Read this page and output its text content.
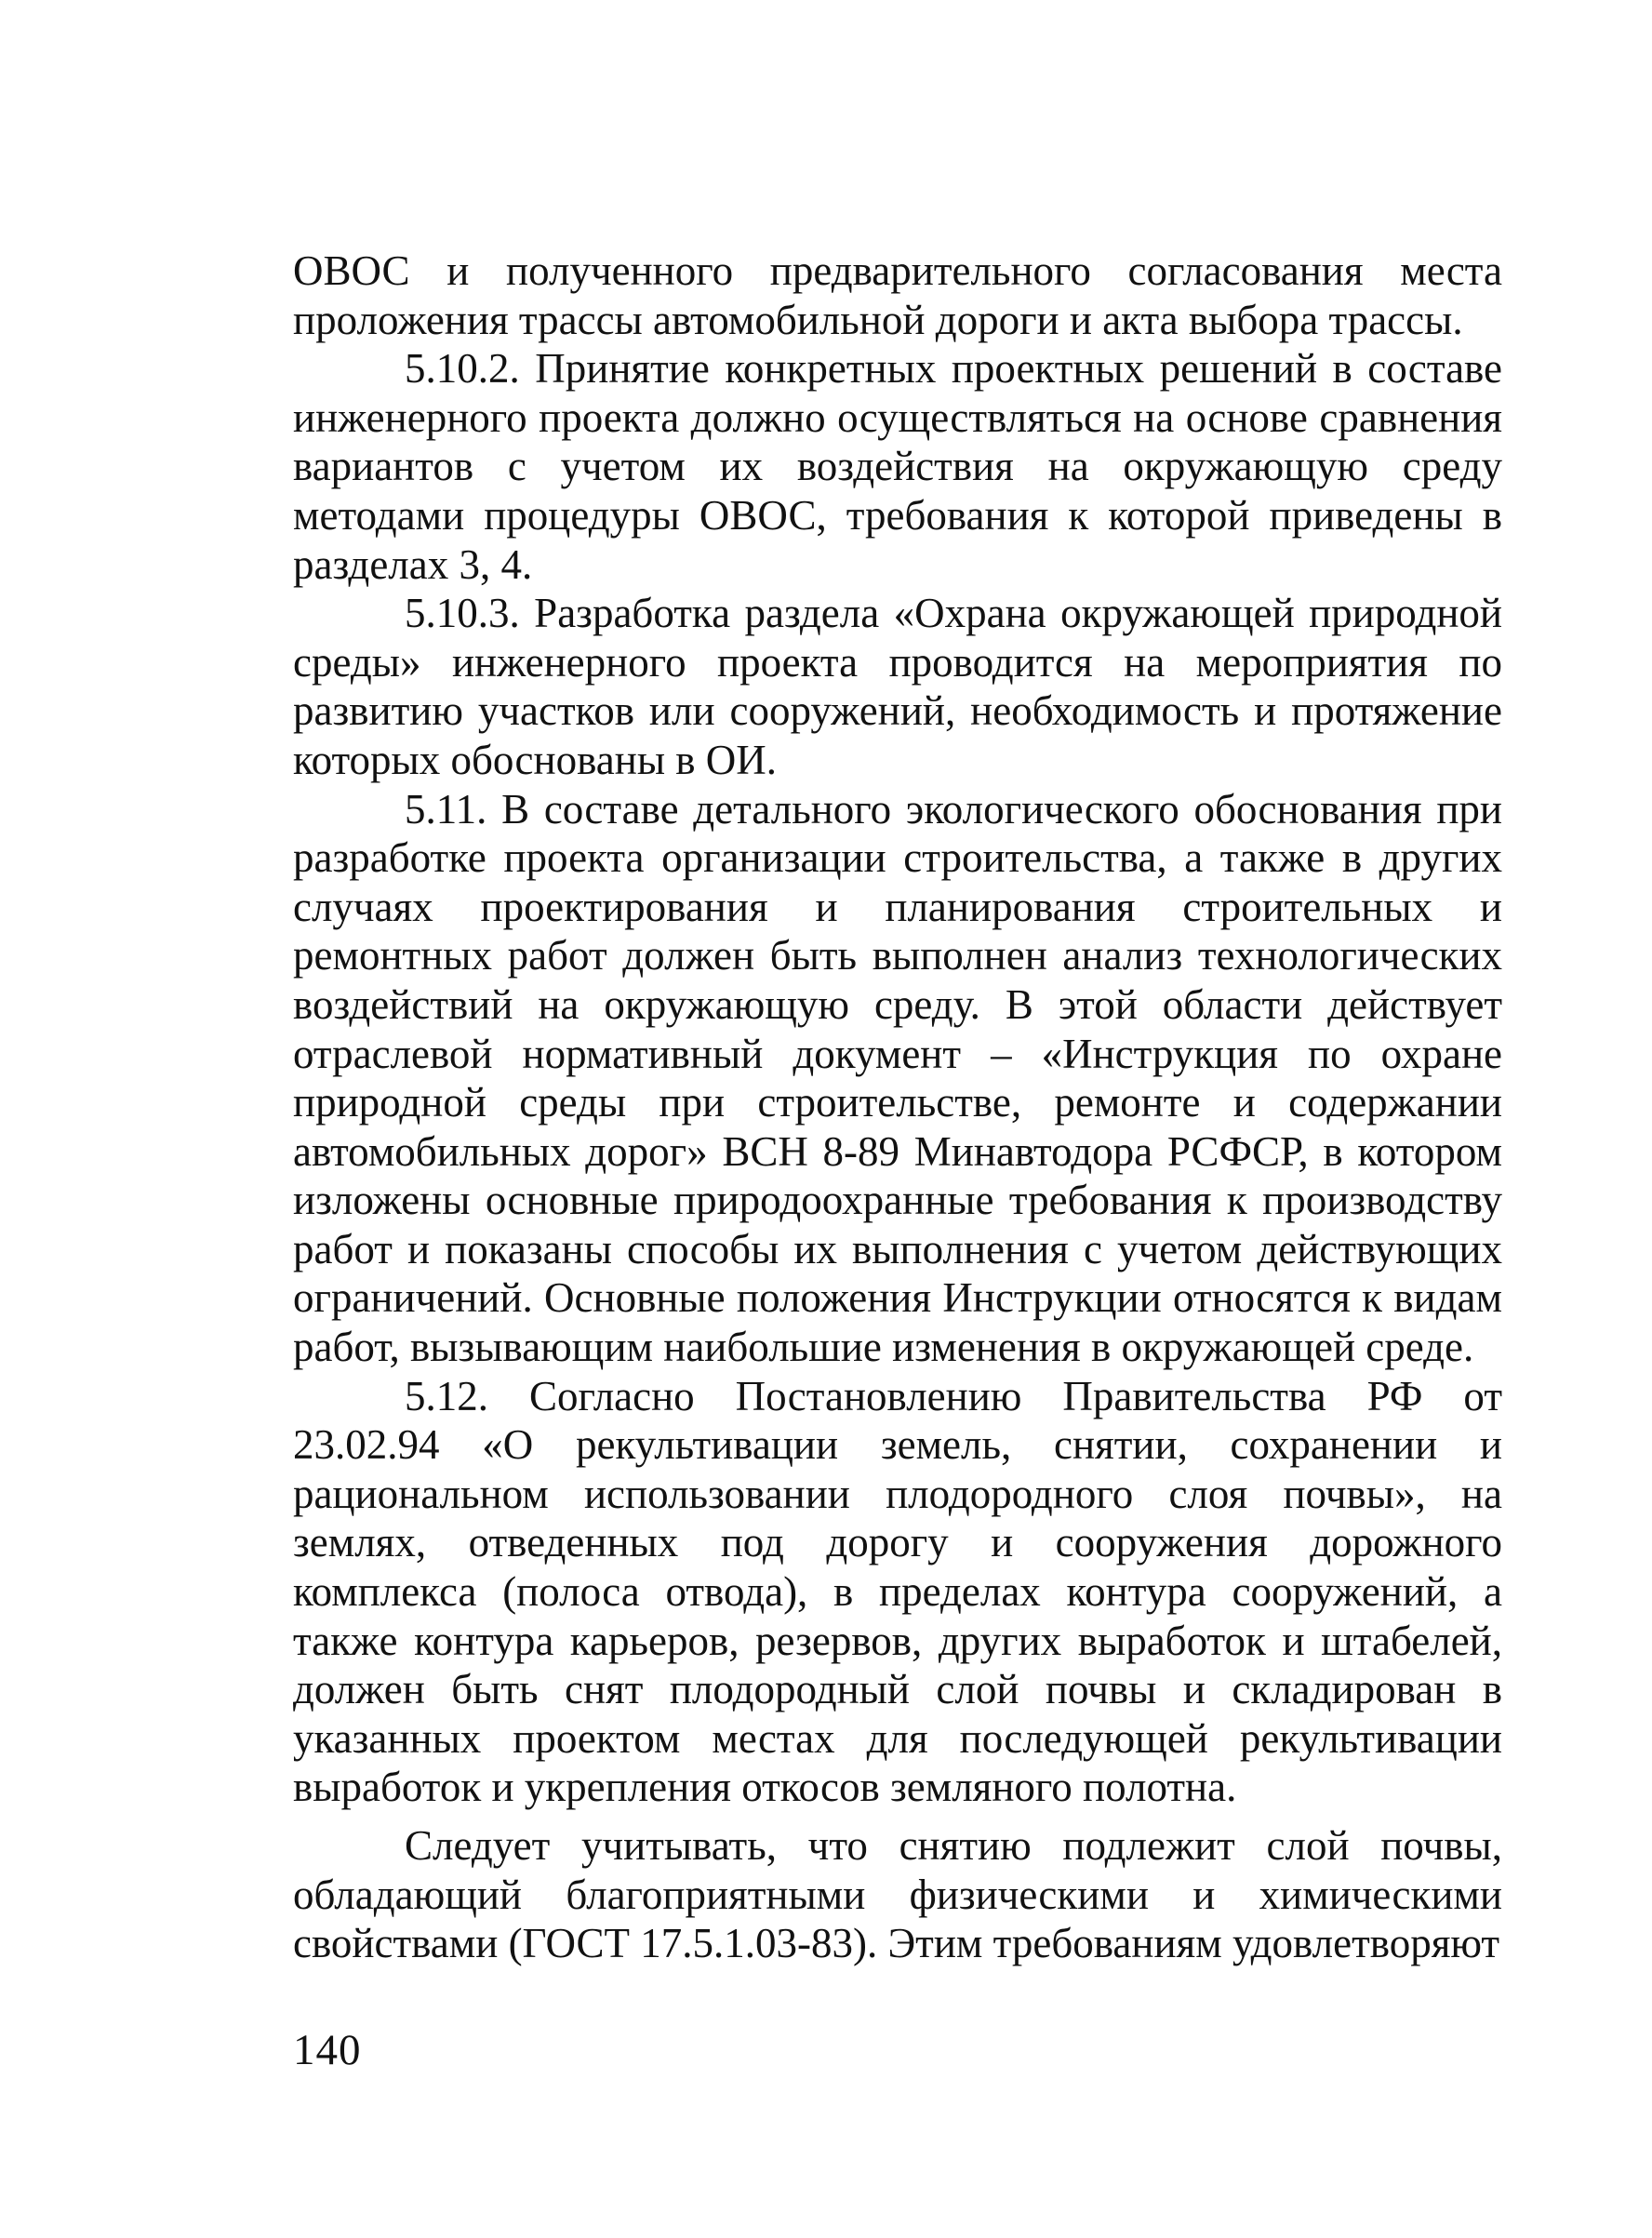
ОВОС и полученного предварительного согласования места проложения трассы автомобильной дороги и акта выбора трассы.

5.10.2. Принятие конкретных проектных решений в составе инженерного проекта должно осуществляться на основе сравнения вариантов с учетом их воздействия на окружающую среду методами процедуры ОВОС, требования к которой приведены в разделах 3, 4.

5.10.3. Разработка раздела «Охрана окружающей природной среды» инженерного проекта проводится на мероприятия по развитию участков или сооружений, необходимость и протяжение которых обоснованы в ОИ.

5.11. В составе детального экологического обоснования при разработке проекта организации строительства, а также в других случаях проектирования и планирования строительных и ремонтных работ должен быть выполнен анализ технологических воздействий на окружающую среду. В этой области действует отраслевой нормативный документ – «Инструкция по охране природной среды при строительстве, ремонте и содержании автомобильных дорог» ВСН 8-89 Минавтодора РСФСР, в котором изложены основные природоохранные требования к производству работ и показаны способы их выполнения с учетом действующих ограничений. Основные положения Инструкции относятся к видам работ, вызывающим наибольшие изменения в окружающей среде.

5.12. Согласно Постановлению Правительства РФ от 23.02.94 «О рекультивации земель, снятии, сохранении и рациональном использовании плодородного слоя почвы», на землях, отведенных под дорогу и сооружения дорожного комплекса (полоса отвода), в пределах контура сооружений, а также контура карьеров, резервов, других выработок и штабелей, должен быть снят плодородный слой почвы и складирован в указанных проектом местах для последующей рекультивации выработок и укрепления откосов земляного полотна.

Следует учитывать, что снятию подлежит слой почвы, обладающий благоприятными физическими и химическими свойствами (ГОСТ 17.5.1.03-83). Этим требованиям удовлетворяют

140
